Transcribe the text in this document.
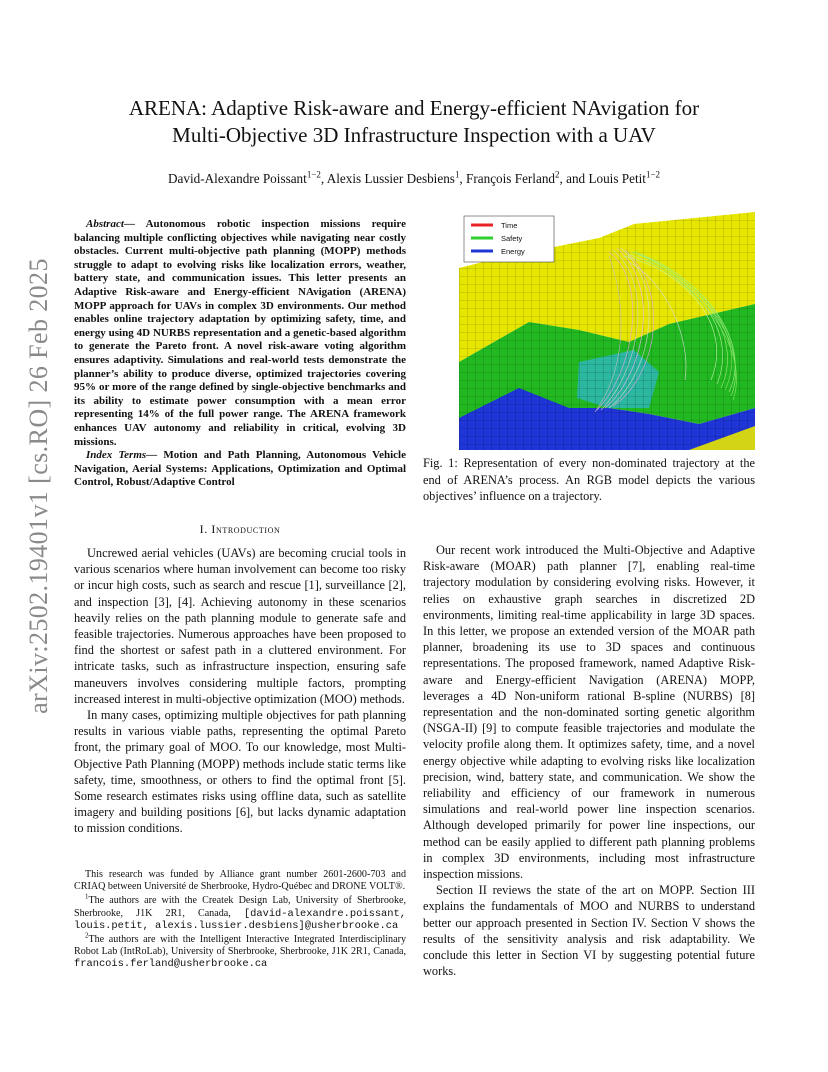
arXiv:2502.19401v1 [cs.RO] 26 Feb 2025
ARENA: Adaptive Risk-aware and Energy-efficient NAvigation for
Multi-Objective 3D Infrastructure Inspection with a UAV
David-Alexandre Poissant$^{1-2}$, Alexis Lussier Desbiens$^1$, François Ferland$^2$, and Louis Petit$^{1-2}$

Abstract— Autonomous robotic inspection missions require balancing multiple conflicting objectives while navigating near costly obstacles. Current multi-objective path planning (MOPP) methods struggle to adapt to evolving risks like localization errors, weather, battery state, and communication issues. This letter presents an Adaptive Risk-aware and Energy-efficient NAvigation (ARENA) MOPP approach for UAVs in complex 3D environments. Our method enables online trajectory adaptation by optimizing safety, time, and energy using 4D NURBS representation and a genetic-based algorithm to generate the Pareto front. A novel risk-aware voting algorithm ensures adaptivity. Simulations and real-world tests demonstrate the planner’s ability to produce diverse, optimized trajectories covering 95% or more of the range defined by single-objective benchmarks and its ability to estimate power consumption with a mean error representing 14% of the full power range. The ARENA framework enhances UAV autonomy and reliability in critical, evolving 3D missions.

Index Terms— Motion and Path Planning, Autonomous Vehicle Navigation, Aerial Systems: Applications, Optimization and Optimal Control, Robust/Adaptive Control

I. Introduction

Uncrewed aerial vehicles (UAVs) are becoming crucial tools in various scenarios where human involvement can become too risky or incur high costs, such as search and rescue [1], surveillance [2], and inspection [3], [4]. Achieving autonomy in these scenarios heavily relies on the path planning module to generate safe and feasible trajectories. Numerous approaches have been proposed to find the shortest or safest path in a cluttered environment. For intricate tasks, such as infrastructure inspection, ensuring safe maneuvers involves considering multiple factors, prompting increased interest in multi-objective optimization (MOO) methods.

In many cases, optimizing multiple objectives for path planning results in various viable paths, representing the optimal Pareto front, the primary goal of MOO. To our knowledge, most Multi-Objective Path Planning (MOPP) methods include static terms like safety, time, smoothness, or others to find the optimal front [5]. Some research estimates risks using offline data, such as satellite imagery and building positions [6], but lacks dynamic adaptation to mission conditions.

This research was funded by Alliance grant number 2601-2600-703 and CRIAQ between Université de Sherbrooke, Hydro-Québec and DRONE VOLT®.

$^1$The authors are with the Createk Design Lab, University of Sherbrooke, Sherbrooke, J1K 2R1, Canada, [david-alexandre.poissant, louis.petit, alexis.lussier.desbiens]@usherbrooke.ca

$^2$The authors are with the Intelligent Interactive Integrated Interdisciplinary Robot Lab (IntRoLab), University of Sherbrooke, Sherbrooke, J1K 2R1, Canada, francois.ferland@usherbrooke.ca

Time
Safety
Energy
Fig. 1: Representation of every non-dominated trajectory at the end of ARENA’s process. An RGB model depicts the various objectives’ influence on a trajectory.

Our recent work introduced the Multi-Objective and Adaptive Risk-aware (MOAR) path planner [7], enabling real-time trajectory modulation by considering evolving risks. However, it relies on exhaustive graph searches in discretized 2D environments, limiting real-time applicability in large 3D spaces. In this letter, we propose an extended version of the MOAR path planner, broadening its use to 3D spaces and continuous representations. The proposed framework, named Adaptive Risk-aware and Energy-efficient Navigation (ARENA) MOPP, leverages a 4D Non-uniform rational B-spline (NURBS) [8] representation and the non-dominated sorting genetic algorithm (NSGA-II) [9] to compute feasible trajectories and modulate the velocity profile along them. It optimizes safety, time, and a novel energy objective while adapting to evolving risks like localization precision, wind, battery state, and communication. We show the reliability and efficiency of our framework in numerous simulations and real-world power line inspection scenarios. Although developed primarily for power line inspections, our method can be easily applied to different path planning problems in complex 3D environments, including most infrastructure inspection missions.

Section II reviews the state of the art on MOPP. Section III explains the fundamentals of MOO and NURBS to understand better our approach presented in Section IV. Section V shows the results of the sensitivity analysis and risk adaptability. We conclude this letter in Section VI by suggesting potential future works.
